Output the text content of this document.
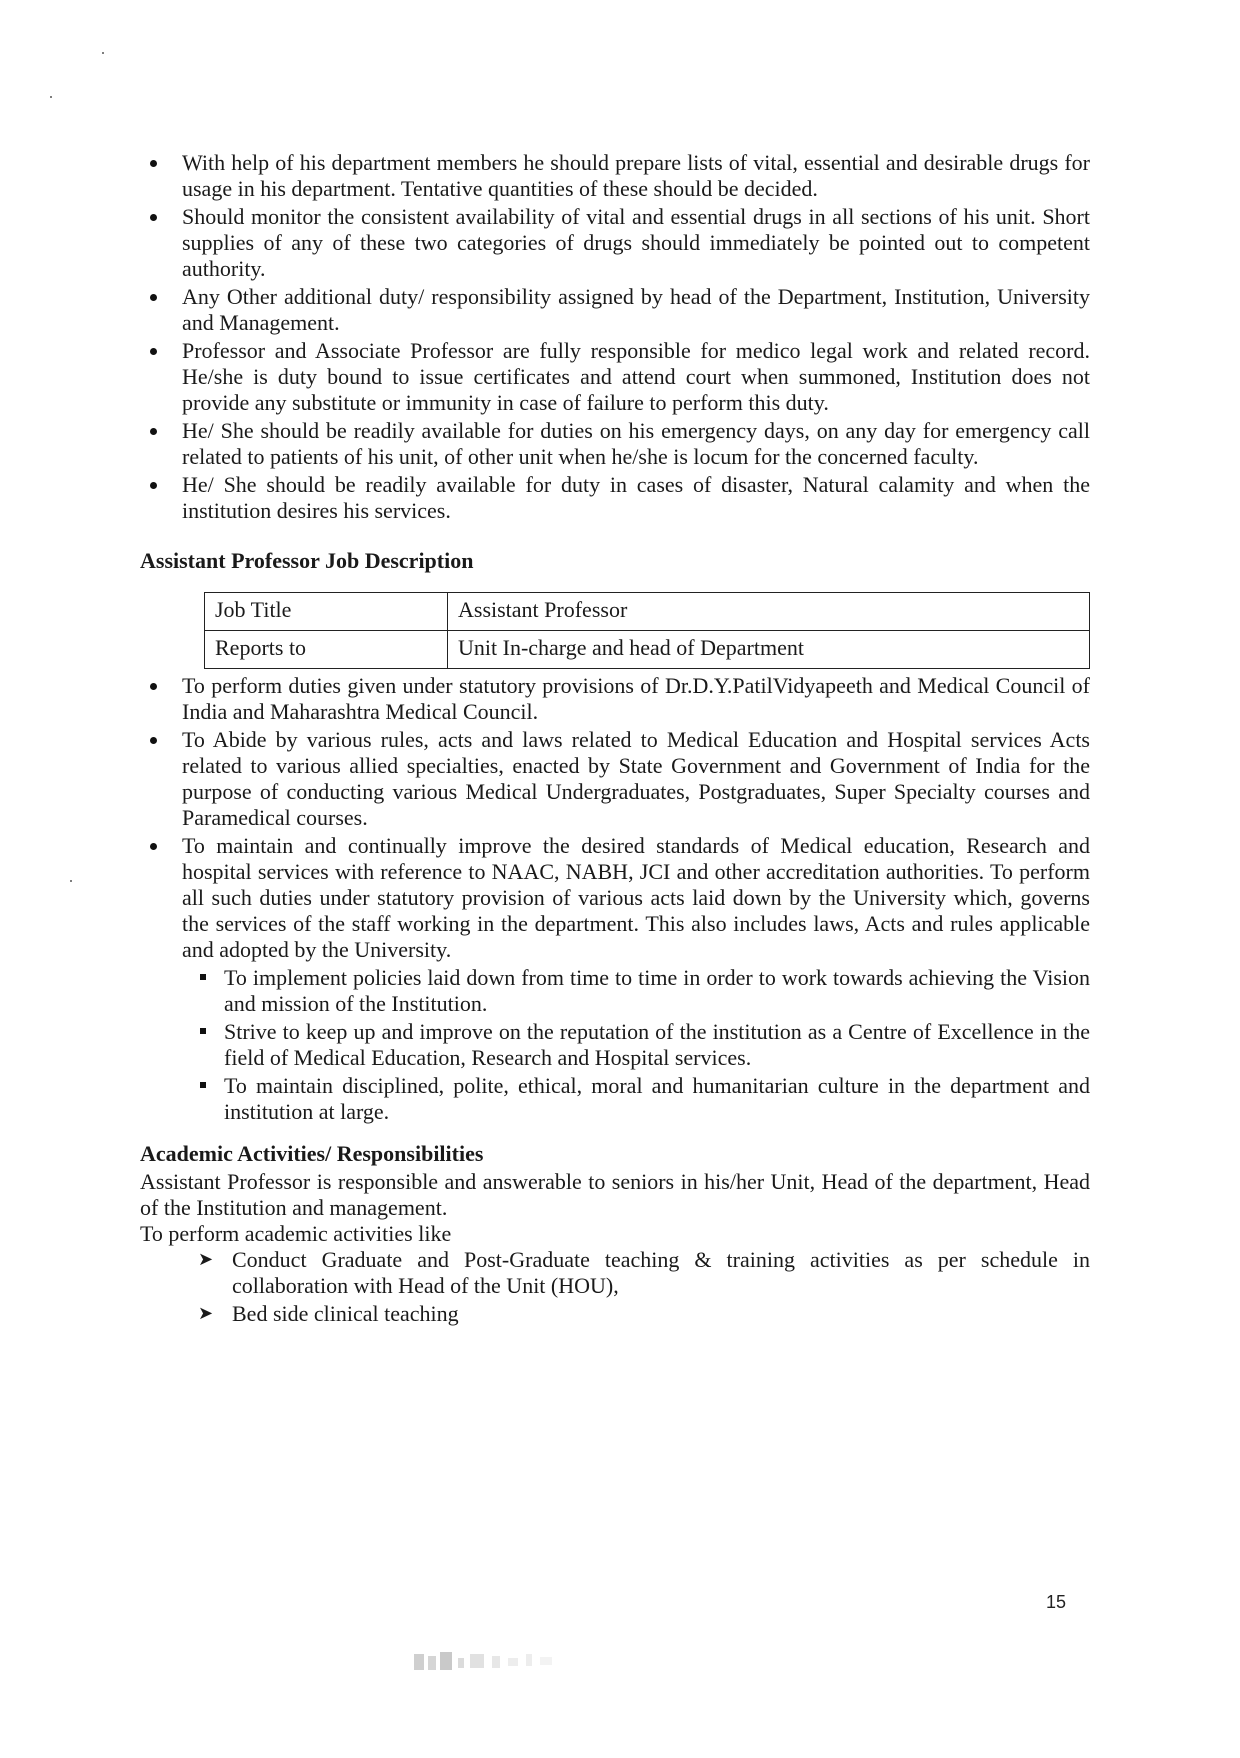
With help of his department members he should prepare lists of vital, essential and desirable drugs for usage in his department. Tentative quantities of these should be decided.
Should monitor the consistent availability of vital and essential drugs in all sections of his unit. Short supplies of any of these two categories of drugs should immediately be pointed out to competent authority.
Any Other additional duty/ responsibility assigned by head of the Department, Institution, University and Management.
Professor and Associate Professor are fully responsible for medico legal work and related record. He/she is duty bound to issue certificates and attend court when summoned, Institution does not provide any substitute or immunity in case of failure to perform this duty.
He/ She should be readily available for duties on his emergency days, on any day for emergency call related to patients of his unit, of other unit when he/she is locum for the concerned faculty.
He/ She should be readily available for duty in cases of disaster, Natural calamity and when the institution desires his services.

Assistant Professor Job Description

Job Title	Assistant Professor
Reports to	Unit In-charge and head of Department
To perform duties given under statutory provisions of Dr.D.Y.PatilVidyapeeth and Medical Council of India and Maharashtra Medical Council.
To Abide by various rules, acts and laws related to Medical Education and Hospital services Acts related to various allied specialties, enacted by State Government and Government of India for the purpose of conducting various Medical Undergraduates, Postgraduates, Super Specialty courses and Paramedical courses.
To maintain and continually improve the desired standards of Medical education, Research and hospital services with reference to NAAC, NABH, JCI and other accreditation authorities. To perform all such duties under statutory provision of various acts laid down by the University which, governs the services of the staff working in the department. This also includes laws, Acts and rules applicable and adopted by the University.
To implement policies laid down from time to time in order to work towards achieving the Vision and mission of the Institution.
Strive to keep up and improve on the reputation of the institution as a Centre of Excellence in the field of Medical Education, Research and Hospital services.
To maintain disciplined, polite, ethical, moral and humanitarian culture in the department and institution at large.

Academic Activities/ Responsibilities

Assistant Professor is responsible and answerable to seniors in his/her Unit, Head of the department, Head of the Institution and management.

To perform academic activities like

➤ Conduct Graduate and Post-Graduate teaching & training activities as per schedule in collaboration with Head of the Unit (HOU),
➤ Bed side clinical teaching
15
